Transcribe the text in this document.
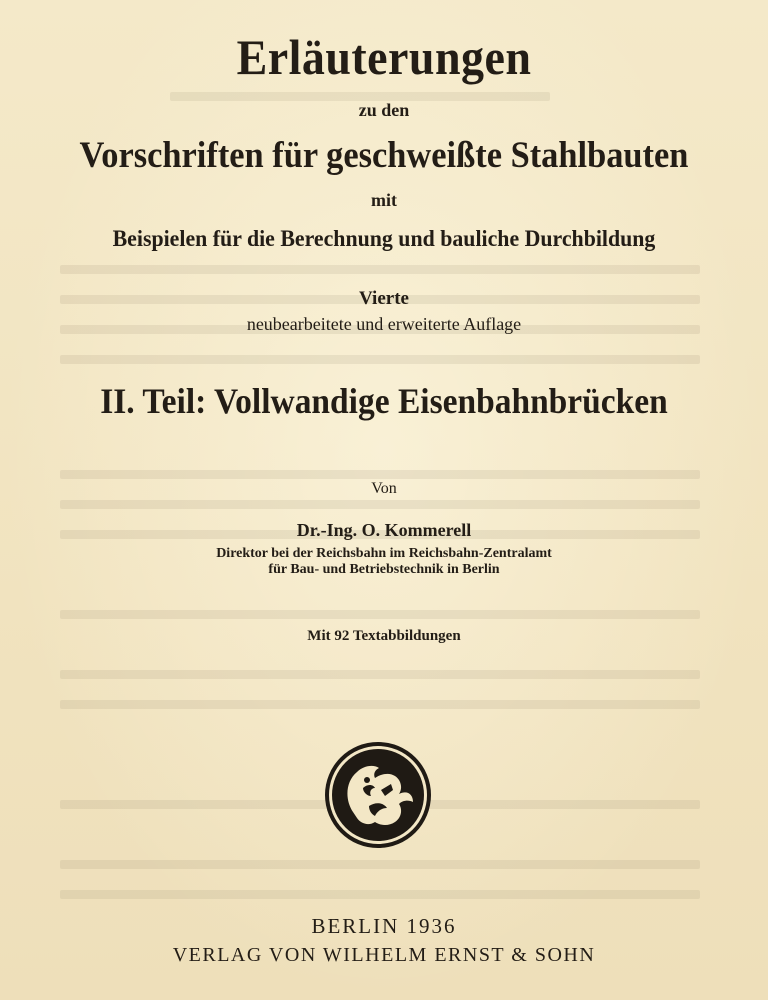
Erläuterungen
zu den
Vorschriften für geschweißte Stahlbauten
mit
Beispielen für die Berechnung und bauliche Durchbildung
Vierte
neubearbeitete und erweiterte Auflage
II. Teil: Vollwandige Eisenbahnbrücken
Von
Dr.-Ing. O. Kommerell
Direktor bei der Reichsbahn im Reichsbahn-Zentralamt
für Bau- und Betriebstechnik in Berlin
Mit 92 Textabbildungen
BERLIN 1936
VERLAG VON WILHELM ERNST & SOHN
